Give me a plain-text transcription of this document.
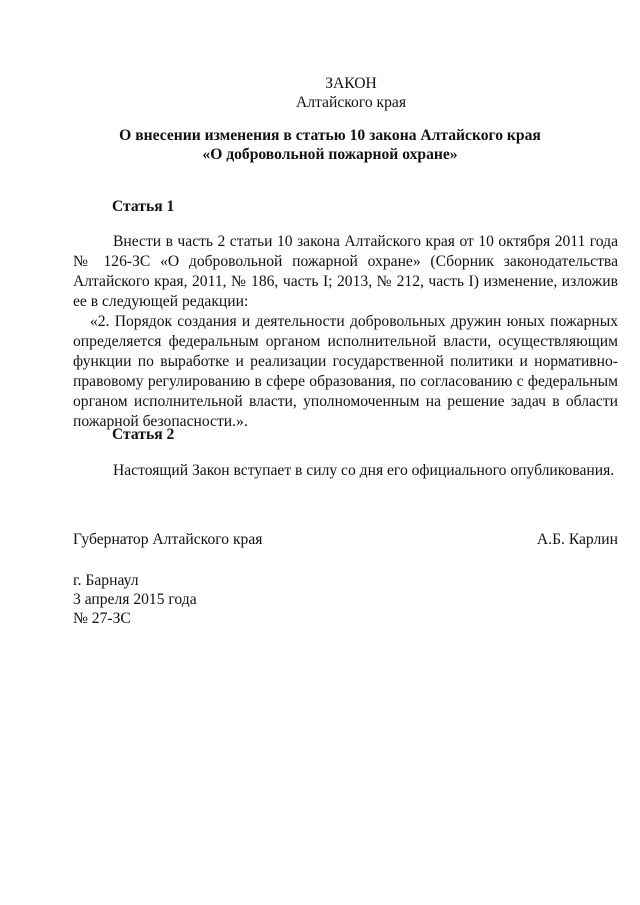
ЗАКОН
Алтайского края
О внесении изменения в статью 10 закона Алтайского края
«О добровольной пожарной охране»
Статья 1
Внести в часть 2 статьи 10 закона Алтайского края от 10 октября 2011 года № 126-ЗС «О добровольной пожарной охране» (Сборник законодательства Алтайского края, 2011, № 186, часть I; 2013, № 212, часть I) изменение, изложив ее в следующей редакции:
«2. Порядок создания и деятельности добровольных дружин юных пожарных определяется федеральным органом исполнительной власти, осуществляющим функции по выработке и реализации государственной политики и нормативно-правовому регулированию в сфере образования, по согласованию с федеральным органом исполнительной власти, уполномоченным на решение задач в области пожарной безопасности.».
Статья 2
Настоящий Закон вступает в силу со дня его официального опубликования.
Губернатор Алтайского края	А.Б. Карлин
г. Барнаул
3 апреля 2015 года
№ 27-ЗС
